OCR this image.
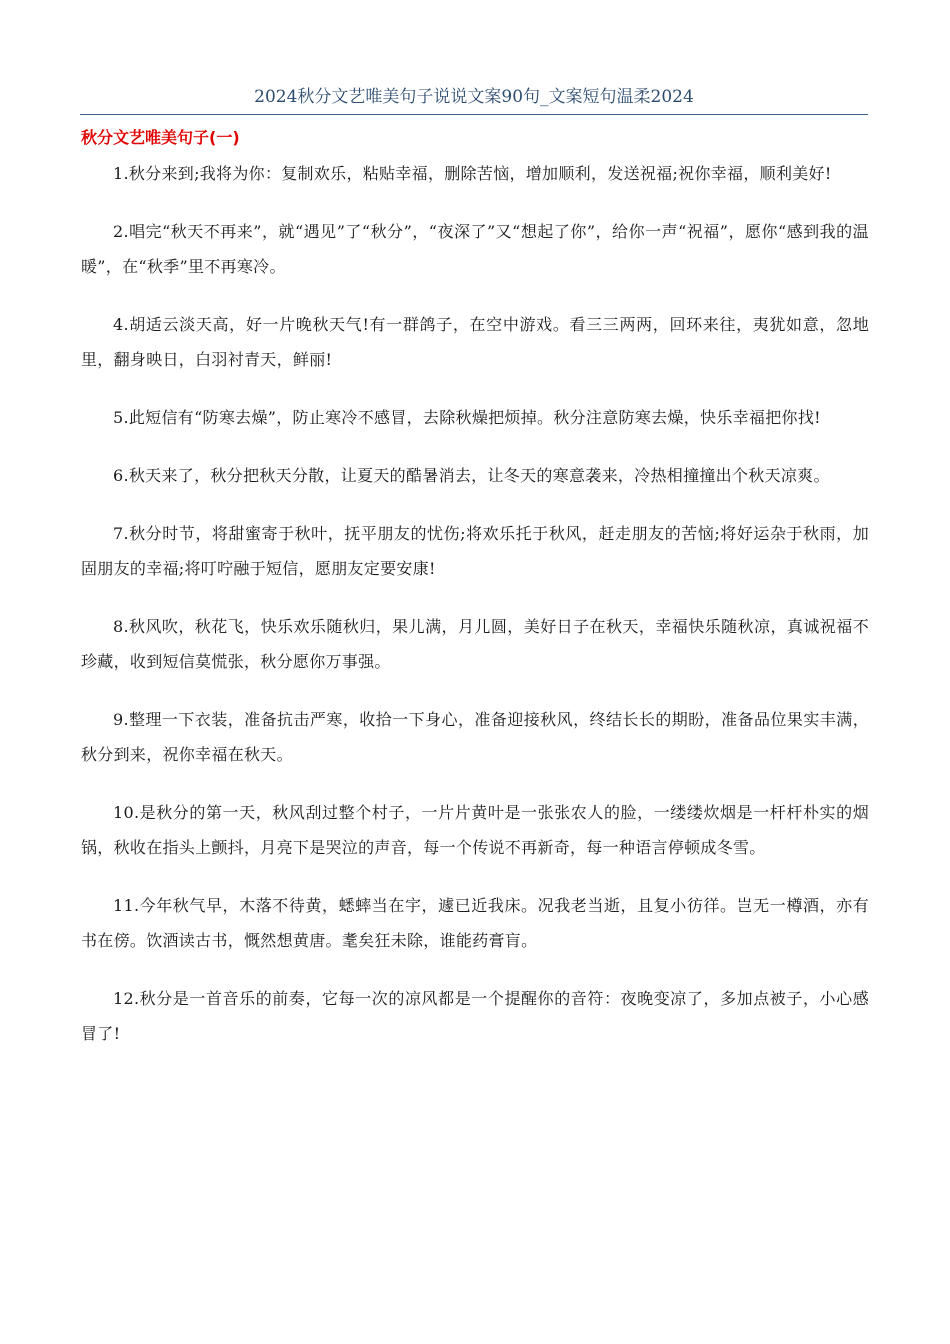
2024秋分文艺唯美句子说说文案90句_文案短句温柔2024
秋分文艺唯美句子(一)

1.秋分来到;我将为你：复制欢乐，粘贴幸福，删除苦恼，增加顺利，发送祝福;祝你幸福，顺利美好!

2.唱完“秋天不再来”，就“遇见”了“秋分”，“夜深了”又“想起了你”，给你一声“祝福”，愿你“感到我的温暖”，在“秋季”里不再寒冷。

4.胡适云淡天高，好一片晚秋天气!有一群鸽子，在空中游戏。看三三两两，回环来往，夷犹如意，忽地里，翻身映日，白羽衬青天，鲜丽!

5.此短信有“防寒去燥”，防止寒冷不感冒，去除秋燥把烦掉。秋分注意防寒去燥，快乐幸福把你找!

6.秋天来了，秋分把秋天分散，让夏天的酷暑消去，让冬天的寒意袭来，冷热相撞撞出个秋天凉爽。

7.秋分时节，将甜蜜寄于秋叶，抚平朋友的忧伤;将欢乐托于秋风，赶走朋友的苦恼;将好运杂于秋雨，加固朋友的幸福;将叮咛融于短信，愿朋友定要安康!

8.秋风吹，秋花飞，快乐欢乐随秋归，果儿满，月儿圆，美好日子在秋天，幸福快乐随秋凉，真诚祝福不珍藏，收到短信莫慌张，秋分愿你万事强。

9.整理一下衣装，准备抗击严寒，收拾一下身心，准备迎接秋风，终结长长的期盼，准备品位果实丰满，秋分到来，祝你幸福在秋天。

10.是秋分的第一天，秋风刮过整个村子，一片片黄叶是一张张农人的脸，一缕缕炊烟是一杆杆朴实的烟锅，秋收在指头上颤抖，月亮下是哭泣的声音，每一个传说不再新奇，每一种语言停顿成冬雪。

11.今年秋气早，木落不待黄，蟋蟀当在宇，遽已近我床。况我老当逝，且复小彷徉。岂无一樽酒，亦有书在傍。饮酒读古书，慨然想黄唐。耄矣狂未除，谁能药膏肓。

12.秋分是一首音乐的前奏，它每一次的凉风都是一个提醒你的音符：夜晚变凉了，多加点被子，小心感冒了!
